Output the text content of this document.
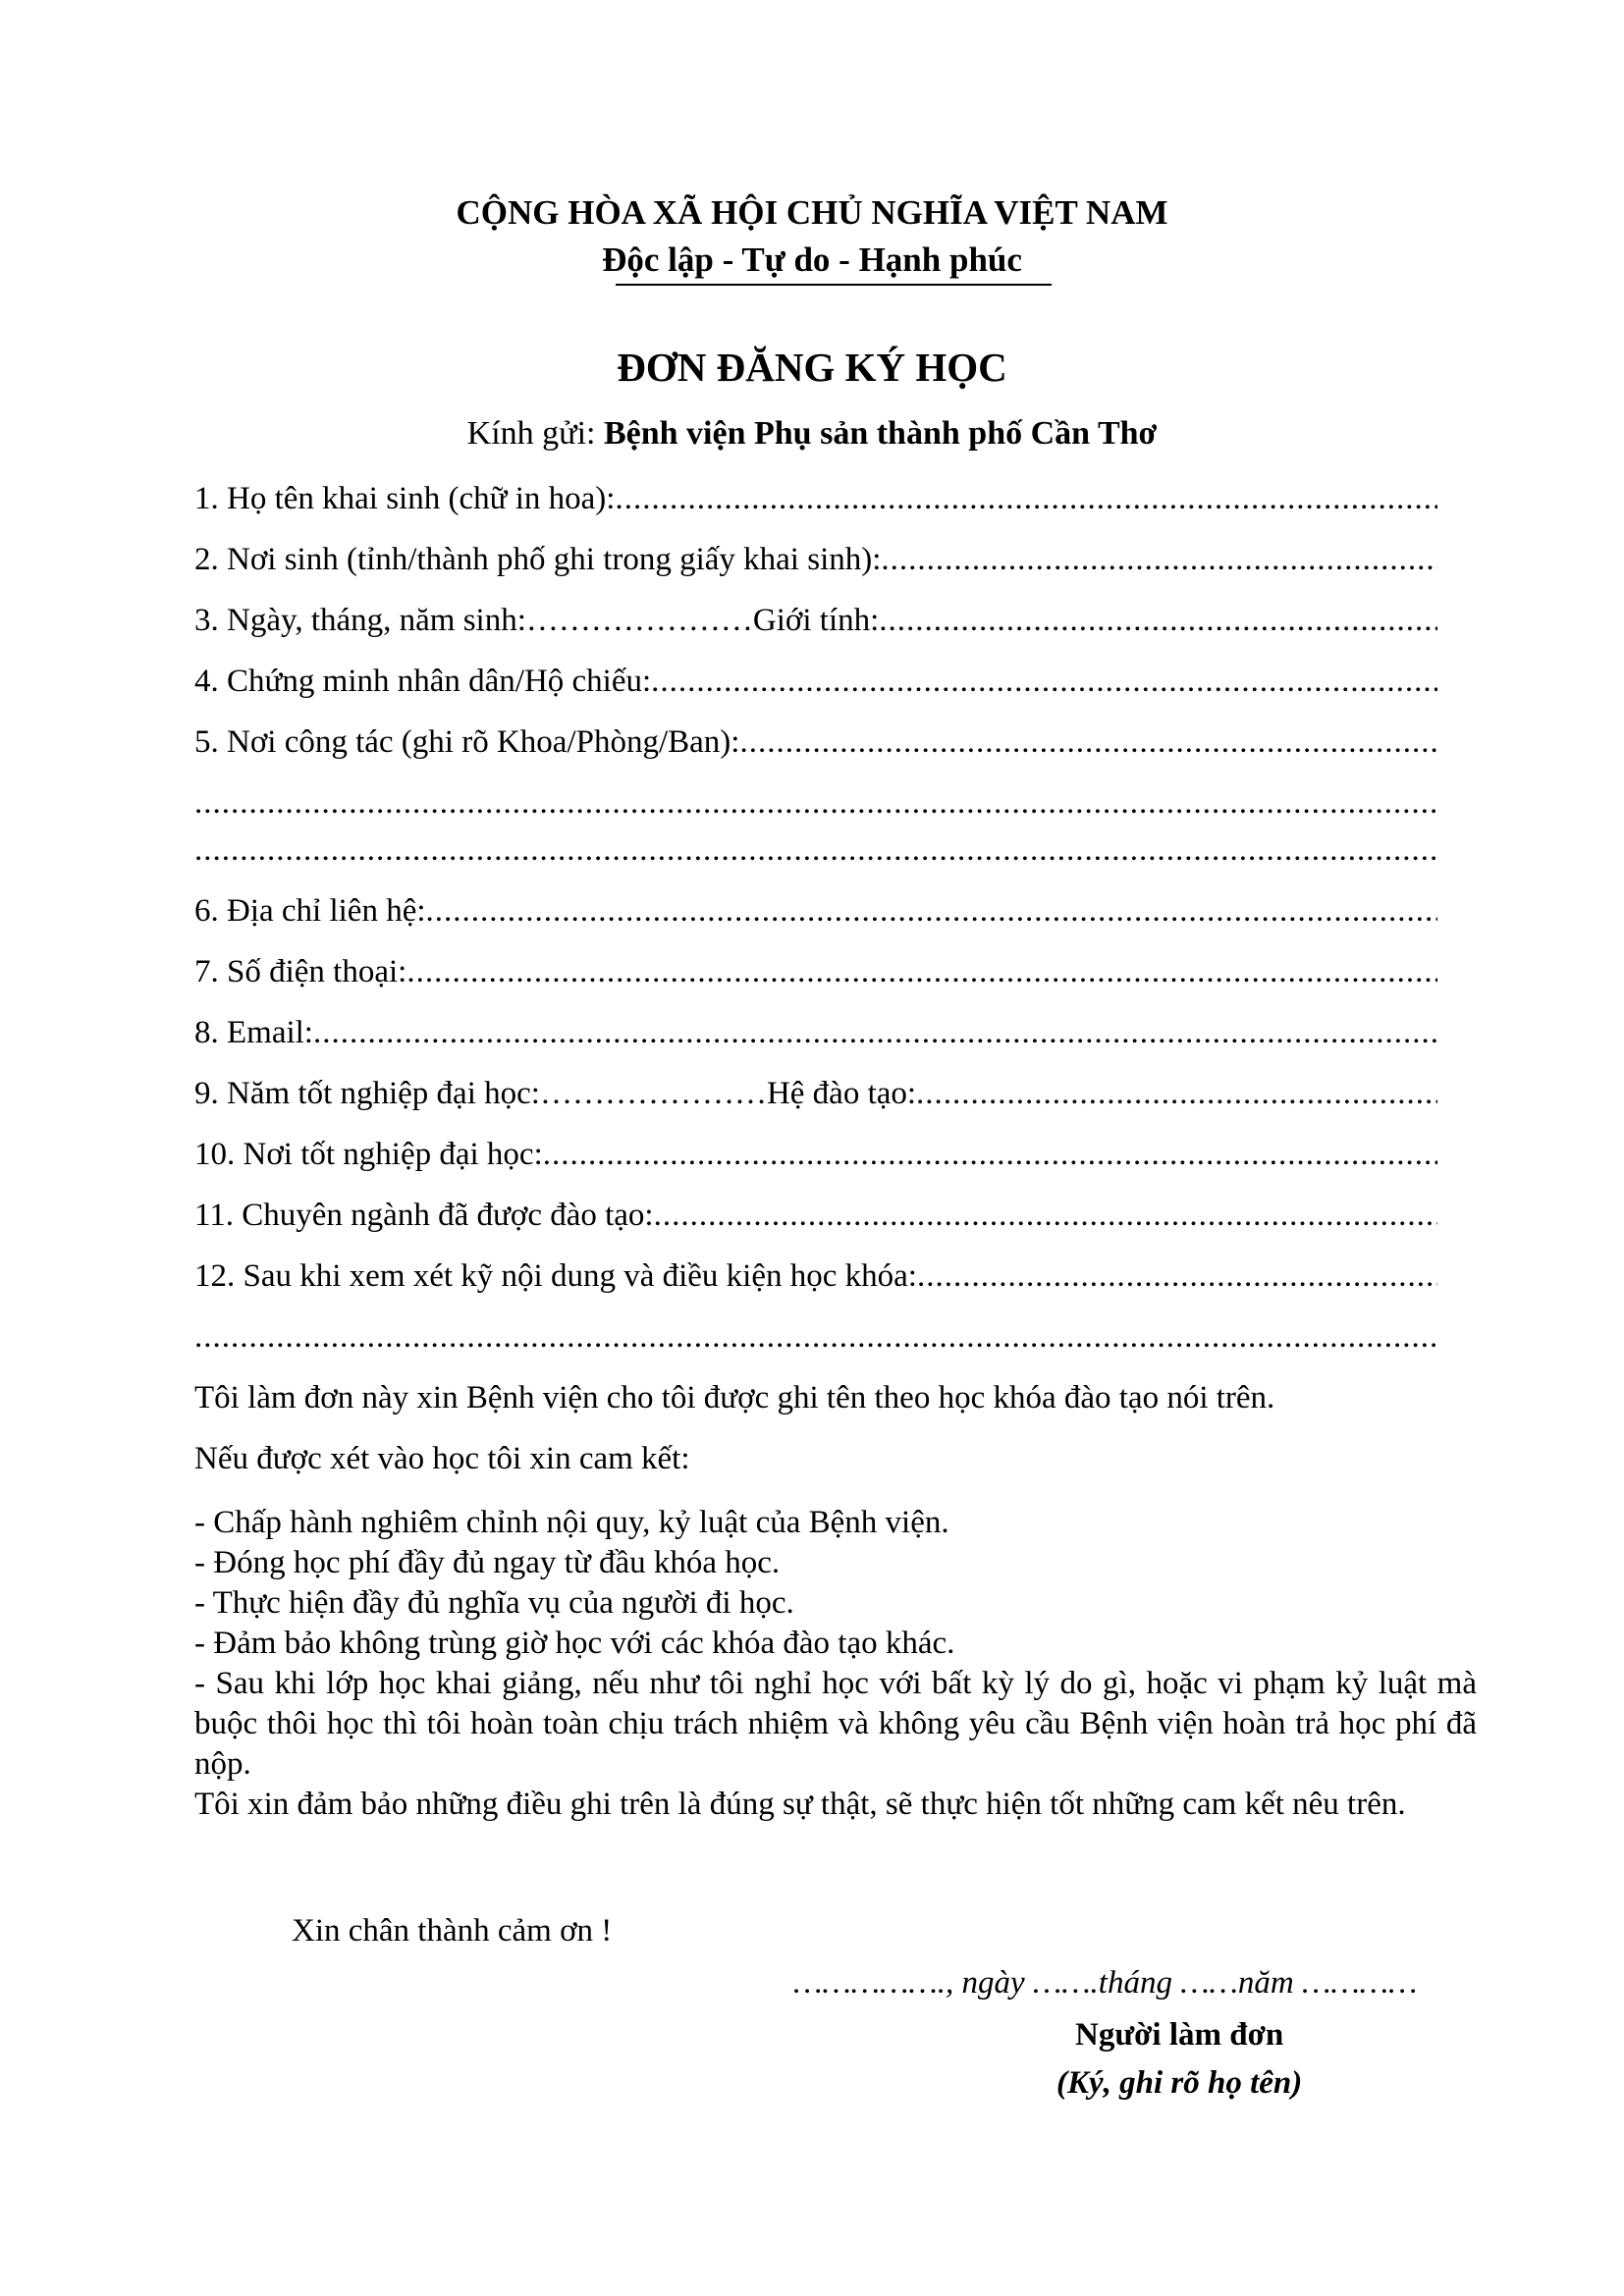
CỘNG HÒA XÃ HỘI CHỦ NGHĨA VIỆT NAM
Độc lập - Tự do - Hạnh phúc
ĐƠN ĐĂNG KÝ HỌC
Kính gửi: Bệnh viện Phụ sản thành phố Cần Thơ
1. Họ tên khai sinh (chữ in hoa):
.....
2. Nơi sinh (tỉnh/thành phố ghi trong giấy khai sinh):
.....
3. Ngày, tháng, năm sinh: ………………… Giới tính:
.....
4. Chứng minh nhân dân/Hộ chiếu:
.....
5. Nơi công tác (ghi rõ Khoa/Phòng/Ban):
.....
.....
.....
6. Địa chỉ liên hệ:
.....
7. Số điện thoại:
.....
8. Email:
.....
9. Năm tốt nghiệp đại học: ………………… Hệ đào tạo:
.....
10. Nơi tốt nghiệp đại học:
.....
11. Chuyên ngành đã được đào tạo:
.....
12. Sau khi xem xét kỹ nội dung và điều kiện học khóa:
.....
.....
Tôi làm đơn này xin Bệnh viện cho tôi được ghi tên theo học khóa đào tạo nói trên.
Nếu được xét vào học tôi xin cam kết:
- Chấp hành nghiêm chỉnh nội quy, kỷ luật của Bệnh viện.
- Đóng học phí đầy đủ ngay từ đầu khóa học.
- Thực hiện đầy đủ nghĩa vụ của người đi học.
- Đảm bảo không trùng giờ học với các khóa đào tạo khác.
- Sau khi lớp học khai giảng, nếu như tôi nghỉ học với bất kỳ lý do gì, hoặc vi phạm kỷ luật mà buộc thôi học thì tôi hoàn toàn chịu trách nhiệm và không yêu cầu Bệnh viện hoàn trả học phí đã nộp.
Tôi xin đảm bảo những điều ghi trên là đúng sự thật, sẽ thực hiện tốt những cam kết nêu trên.
Xin chân thành cảm ơn !
……………., ngày …….tháng ……năm …………
Người làm đơn
(Ký, ghi rõ họ tên)
